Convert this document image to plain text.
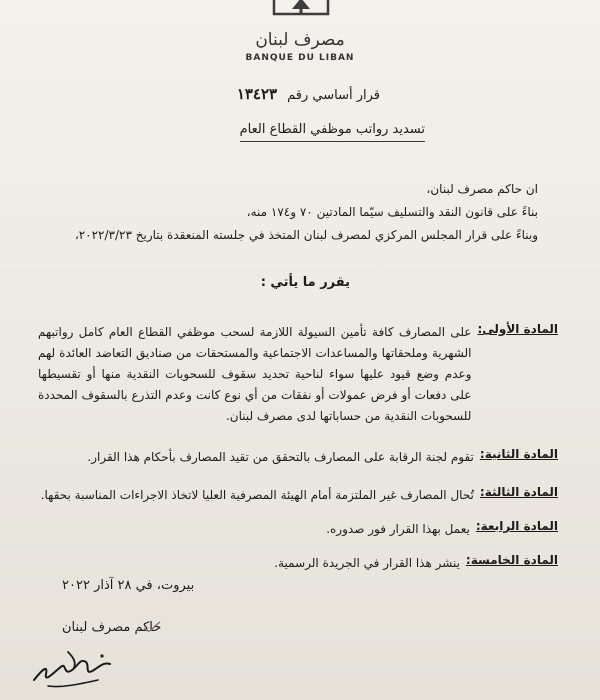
مصرف لبنان
BANQUE DU LIBAN
قرار أساسي رقم
١٣٤٢٣
تسديد رواتب موظفي القطاع العام
ان حاكم مصرف لبنان،
بناءً على قانون النقد والتسليف سيّما المادتين ٧٠ و١٧٤ منه،
وبناءً على قرار المجلس المركزي لمصرف لبنان المتخذ في جلسته المنعقدة بتاريخ ٢٠٢٢/٣/٢٣،
يقرر ما يأتي :
المادة الأولى:
على المصارف كافة تأمين السيولة اللازمة لسحب موظفي القطاع العام كامل رواتبهم الشهرية وملحقاتها والمساعدات الاجتماعية والمستحقات من صناديق التعاضد العائدة لهم وعدم وضع قيود عليها سواء لناحية تحديد سقوف للسحوبات النقدية منها أو تقسيطها على دفعات أو فرض عمولات أو نفقات من أي نوع كانت وعدم التذرع بالسقوف المحددة للسحوبات النقدية من حساباتها لدى مصرف لبنان.
المادة الثانية:
تقوم لجنة الرقابة على المصارف بالتحقق من تقيد المصارف بأحكام هذا القرار.
المادة الثالثة:
تُحال المصارف غير الملتزمة أمام الهيئة المصرفية العليا لاتخاذ الاجراءات المناسبة بحقها.
المادة الرابعة:
يعمل بهذا القرار فور صدوره.
المادة الخامسة:
ينشر هذا القرار في الجريدة الرسمية.
بيروت، في ٢٨ آذار ٢٠٢٢
حاكم مصرف لبنان
